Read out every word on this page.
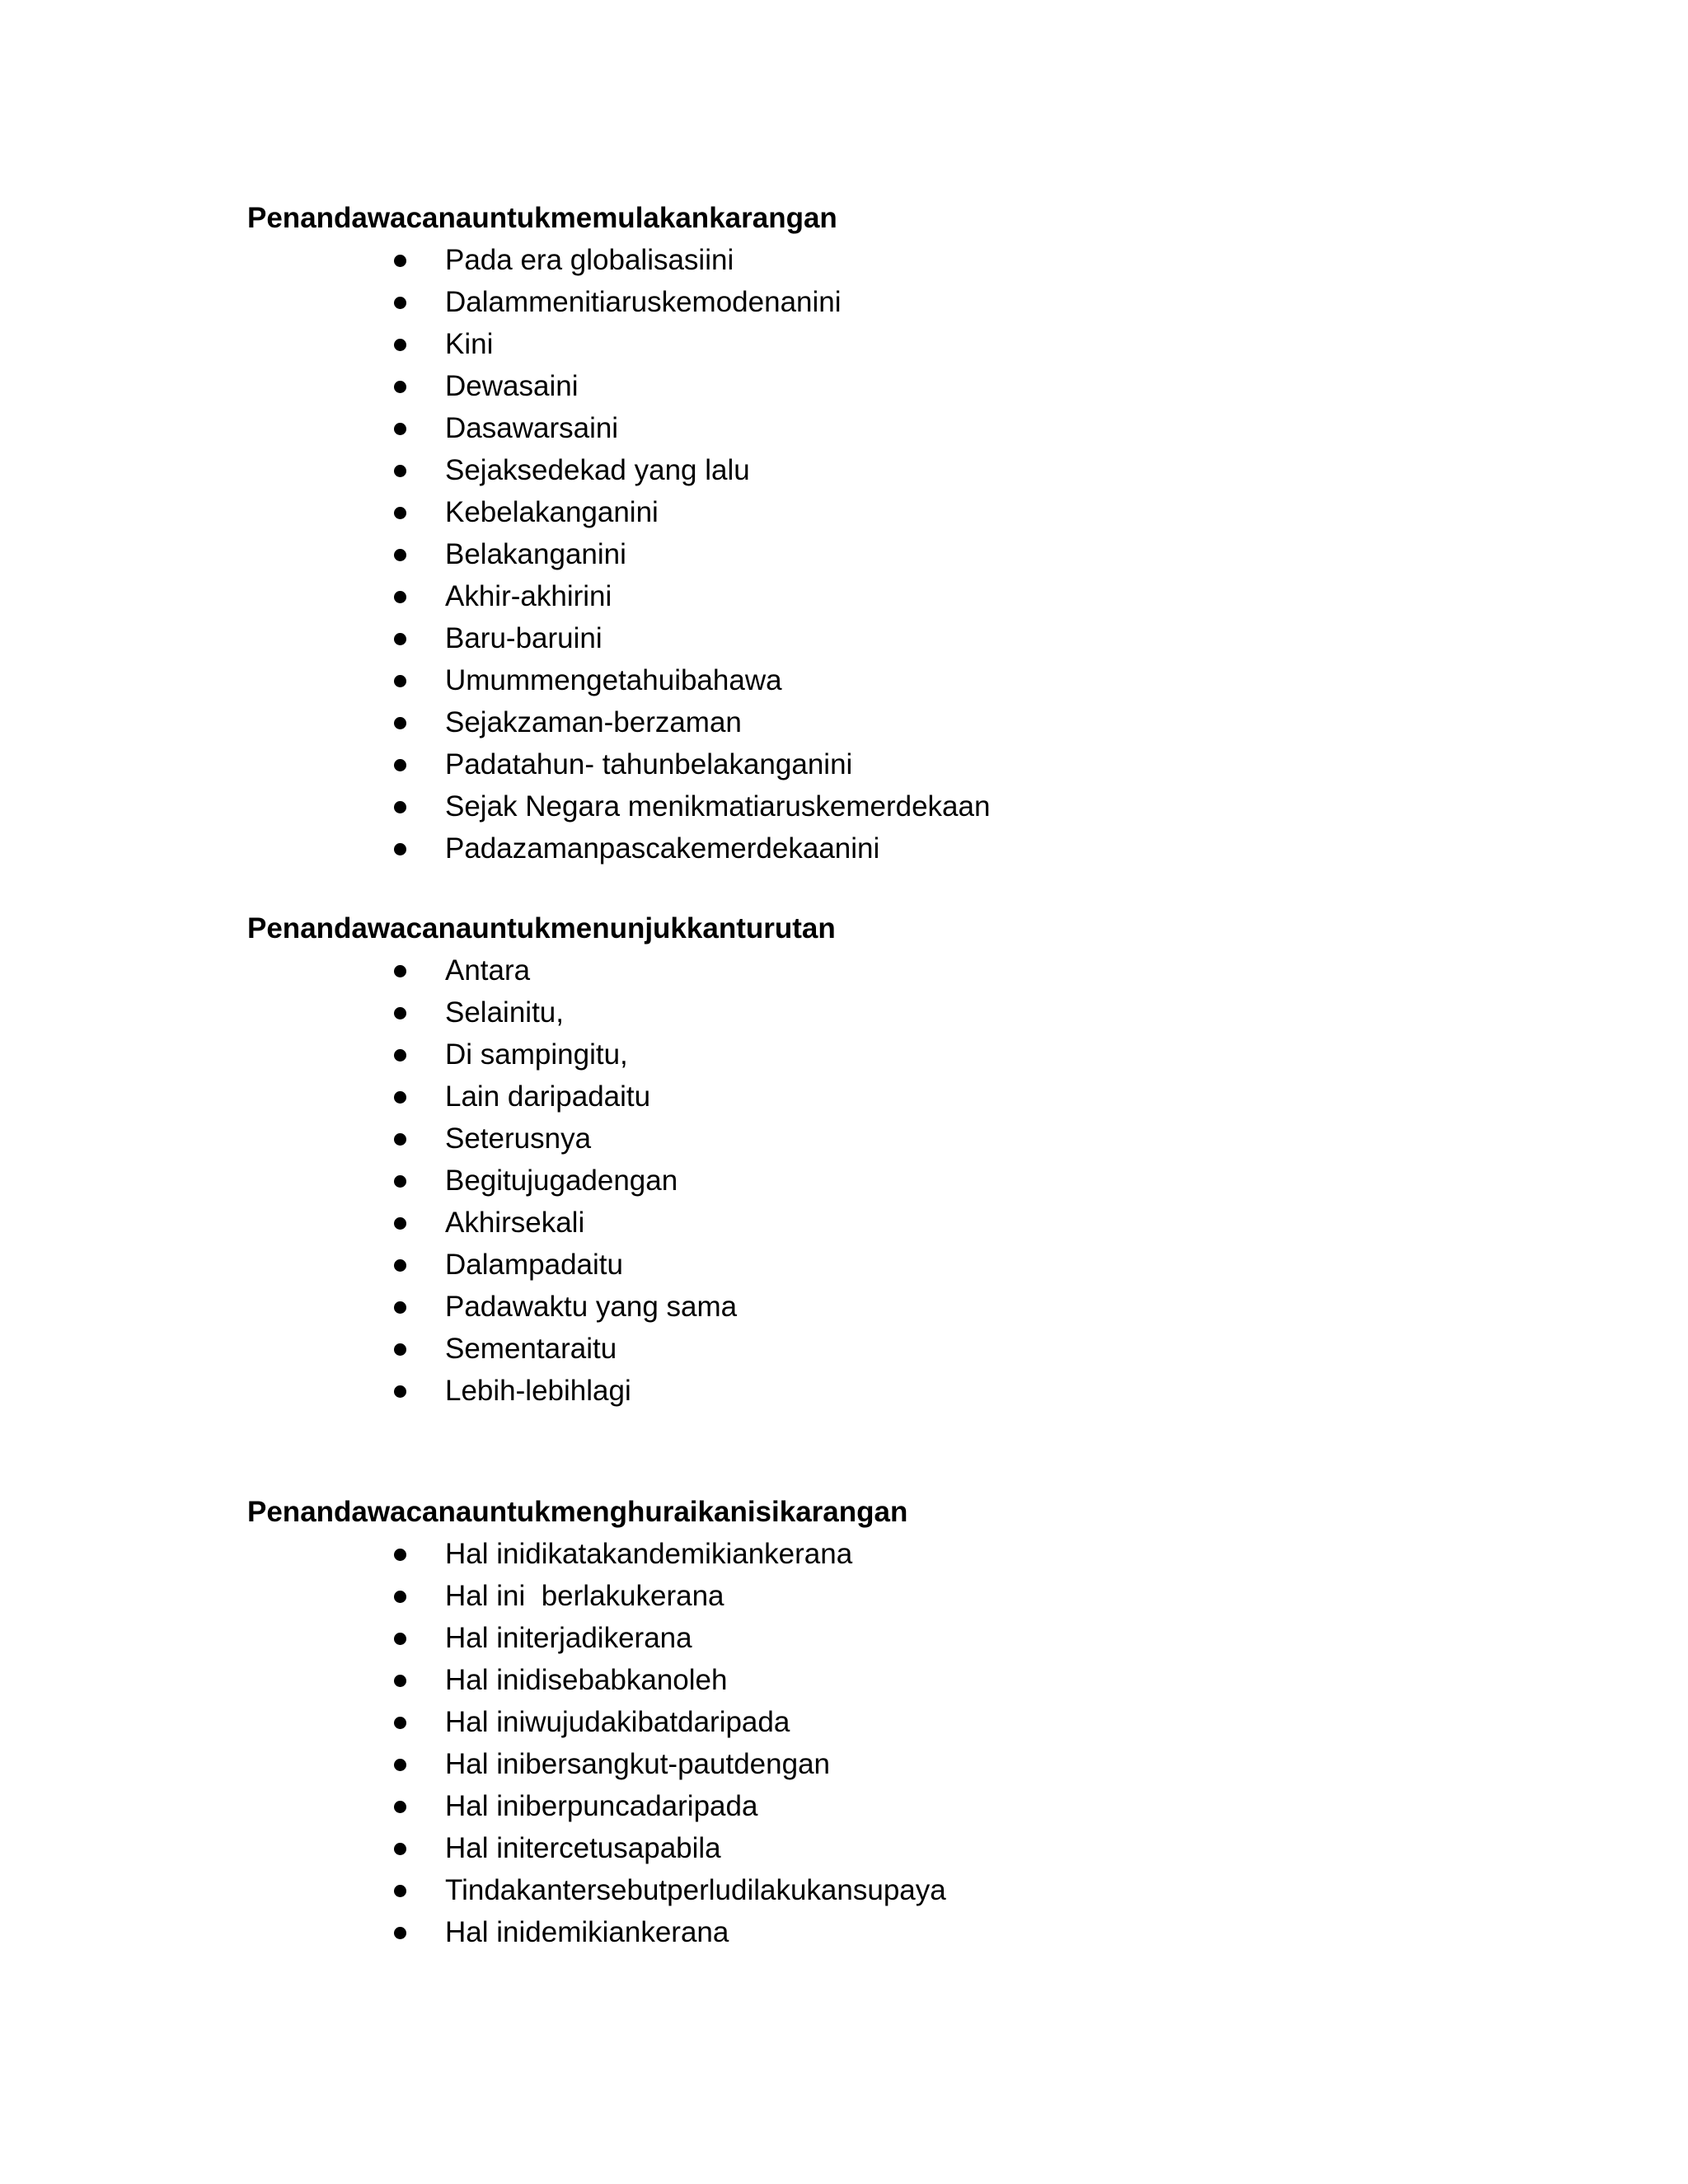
Penandawacanauntukmemulakankarangan
Pada era globalisasiini
Dalammenitiaruskemodenanini
Kini
Dewasaini
Dasawarsaini
Sejaksedekad yang lalu
Kebelakanganini
Belakanganini
Akhir-akhirini
Baru-baruini
Umummengetahuibahawa
Sejakzaman-berzaman
Padatahun- tahunbelakanganini
Sejak Negara menikmatiaruskemerdekaan
Padazamanpascakemerdekaanini
Penandawacanauntukmenunjukkanturutan
Antara
Selainitu,
Di sampingitu,
Lain daripadaitu
Seterusnya
Begitujugadengan
Akhirsekali
Dalampadaitu
Padawaktu yang sama
Sementaraitu
Lebih-lebihlagi
Penandawacanauntukmenghuraikanisikarangan
Hal inidikatakandemikiankerana
Hal ini  berlakukerana
Hal initerjadikerana
Hal inidisebabkanoleh
Hal iniwujudakibatdaripada
Hal inibersangkut-pautdengan
Hal iniberpuncadaripada
Hal initercetusapabila
Tindakantersebutperludilakukansupaya
Hal inidemikiankerana
